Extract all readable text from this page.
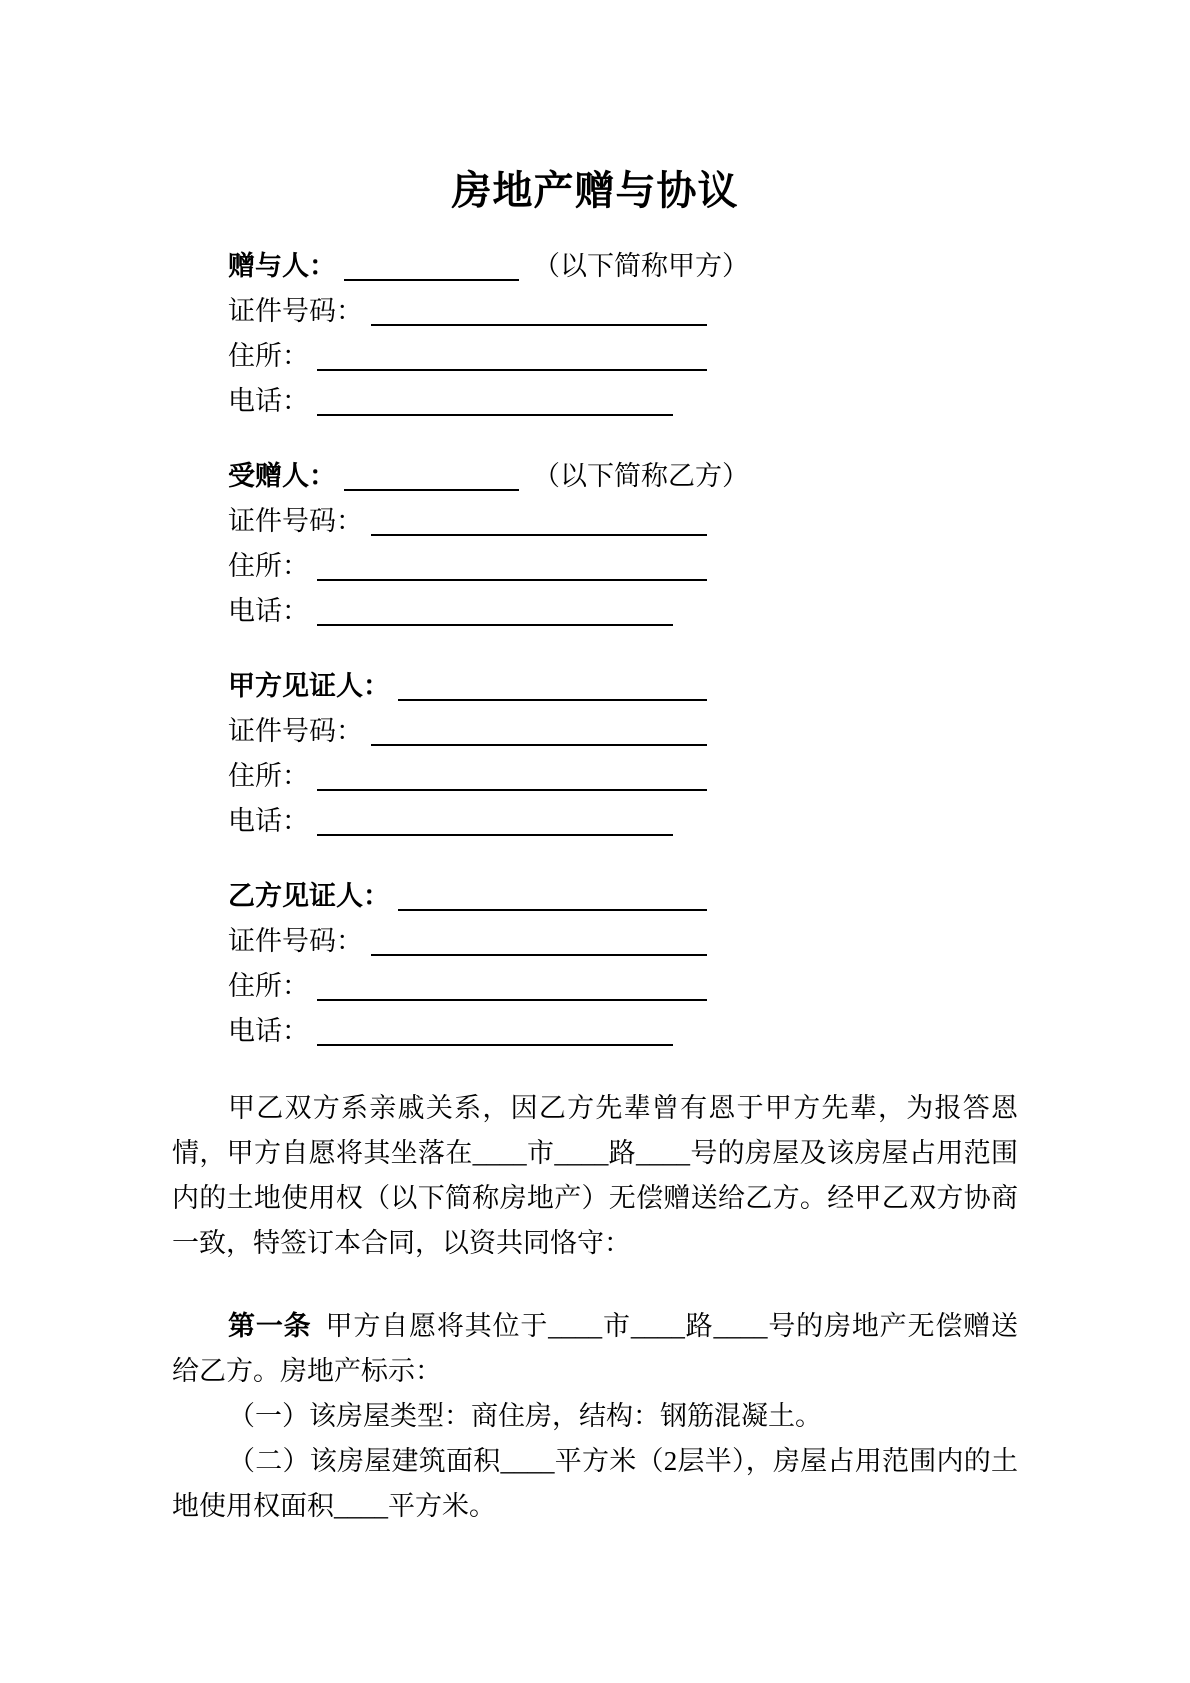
房地产赠与协议
赠与人：	（以下简称甲方）
证件号码：
住所：
电话：
受赠人：	（以下简称乙方）
证件号码：
住所：
电话：
甲方见证人：
证件号码：
住所：
电话：
乙方见证人：
证件号码：
住所：
电话：

甲乙双方系亲戚关系，因乙方先辈曾有恩于甲方先辈，为报答恩情，甲方自愿将其坐落在____市____路____号的房屋及该房屋占用范围内的土地使用权（以下简称房地产）无偿赠送给乙方。经甲乙双方协商一致，特签订本合同，以资共同恪守：

第一条 甲方自愿将其位于____市____路____号的房地产无偿赠送给乙方。房地产标示：

（一）该房屋类型：商住房，结构：钢筋混凝土。

（二）该房屋建筑面积____平方米（2层半），房屋占用范围内的土地使用权面积____平方米。
